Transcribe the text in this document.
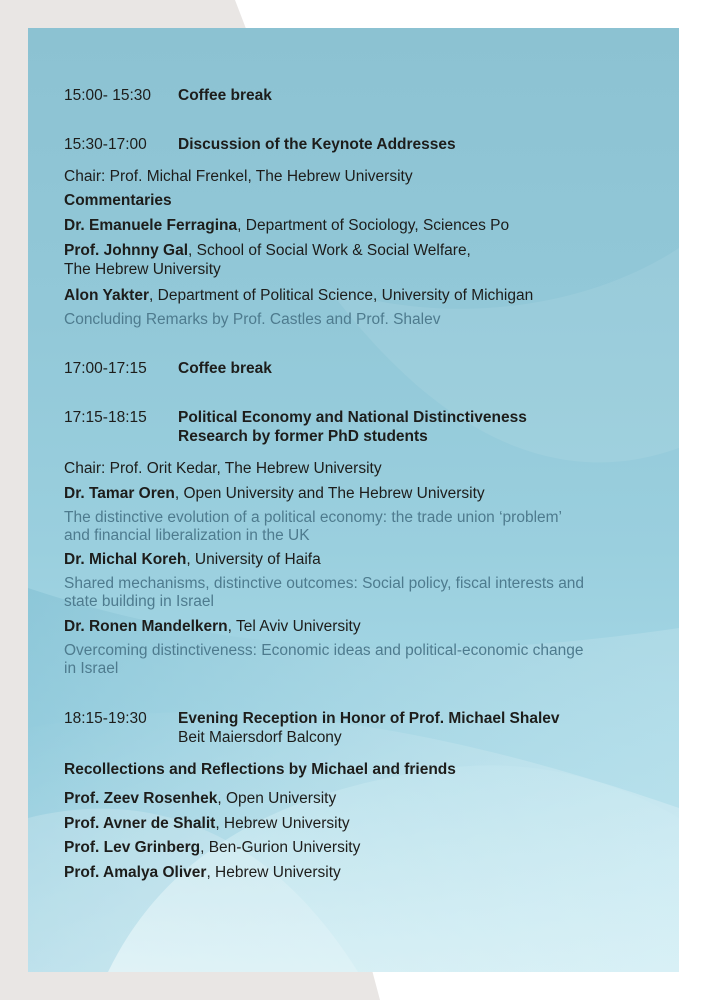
15:00- 15:30 Coffee break
15:30-17:00 Discussion of the Keynote Addresses
Chair: Prof. Michal Frenkel, The Hebrew University
Commentaries
Dr. Emanuele Ferragina, Department of Sociology, Sciences Po
Prof. Johnny Gal, School of Social Work & Social Welfare,
The Hebrew University
Alon Yakter, Department of Political Science, University of Michigan
Concluding Remarks by Prof. Castles and Prof. Shalev
17:00-17:15 Coffee break
17:15-18:15 Political Economy and National Distinctiveness
Research by former PhD students
Chair: Prof. Orit Kedar, The Hebrew University
Dr. Tamar Oren, Open University and The Hebrew University
The distinctive evolution of a political economy: the trade union ‘problem’
and financial liberalization in the UK
Dr. Michal Koreh, University of Haifa
Shared mechanisms, distinctive outcomes: Social policy, fiscal interests and
state building in Israel
Dr. Ronen Mandelkern, Tel Aviv University
Overcoming distinctiveness: Economic ideas and political-economic change
in Israel
18:15-19:30 Evening Reception in Honor of Prof. Michael Shalev
Beit Maiersdorf Balcony
Recollections and Reflections by Michael and friends
Prof. Zeev Rosenhek, Open University
Prof. Avner de Shalit, Hebrew University
Prof. Lev Grinberg, Ben-Gurion University
Prof. Amalya Oliver, Hebrew University
